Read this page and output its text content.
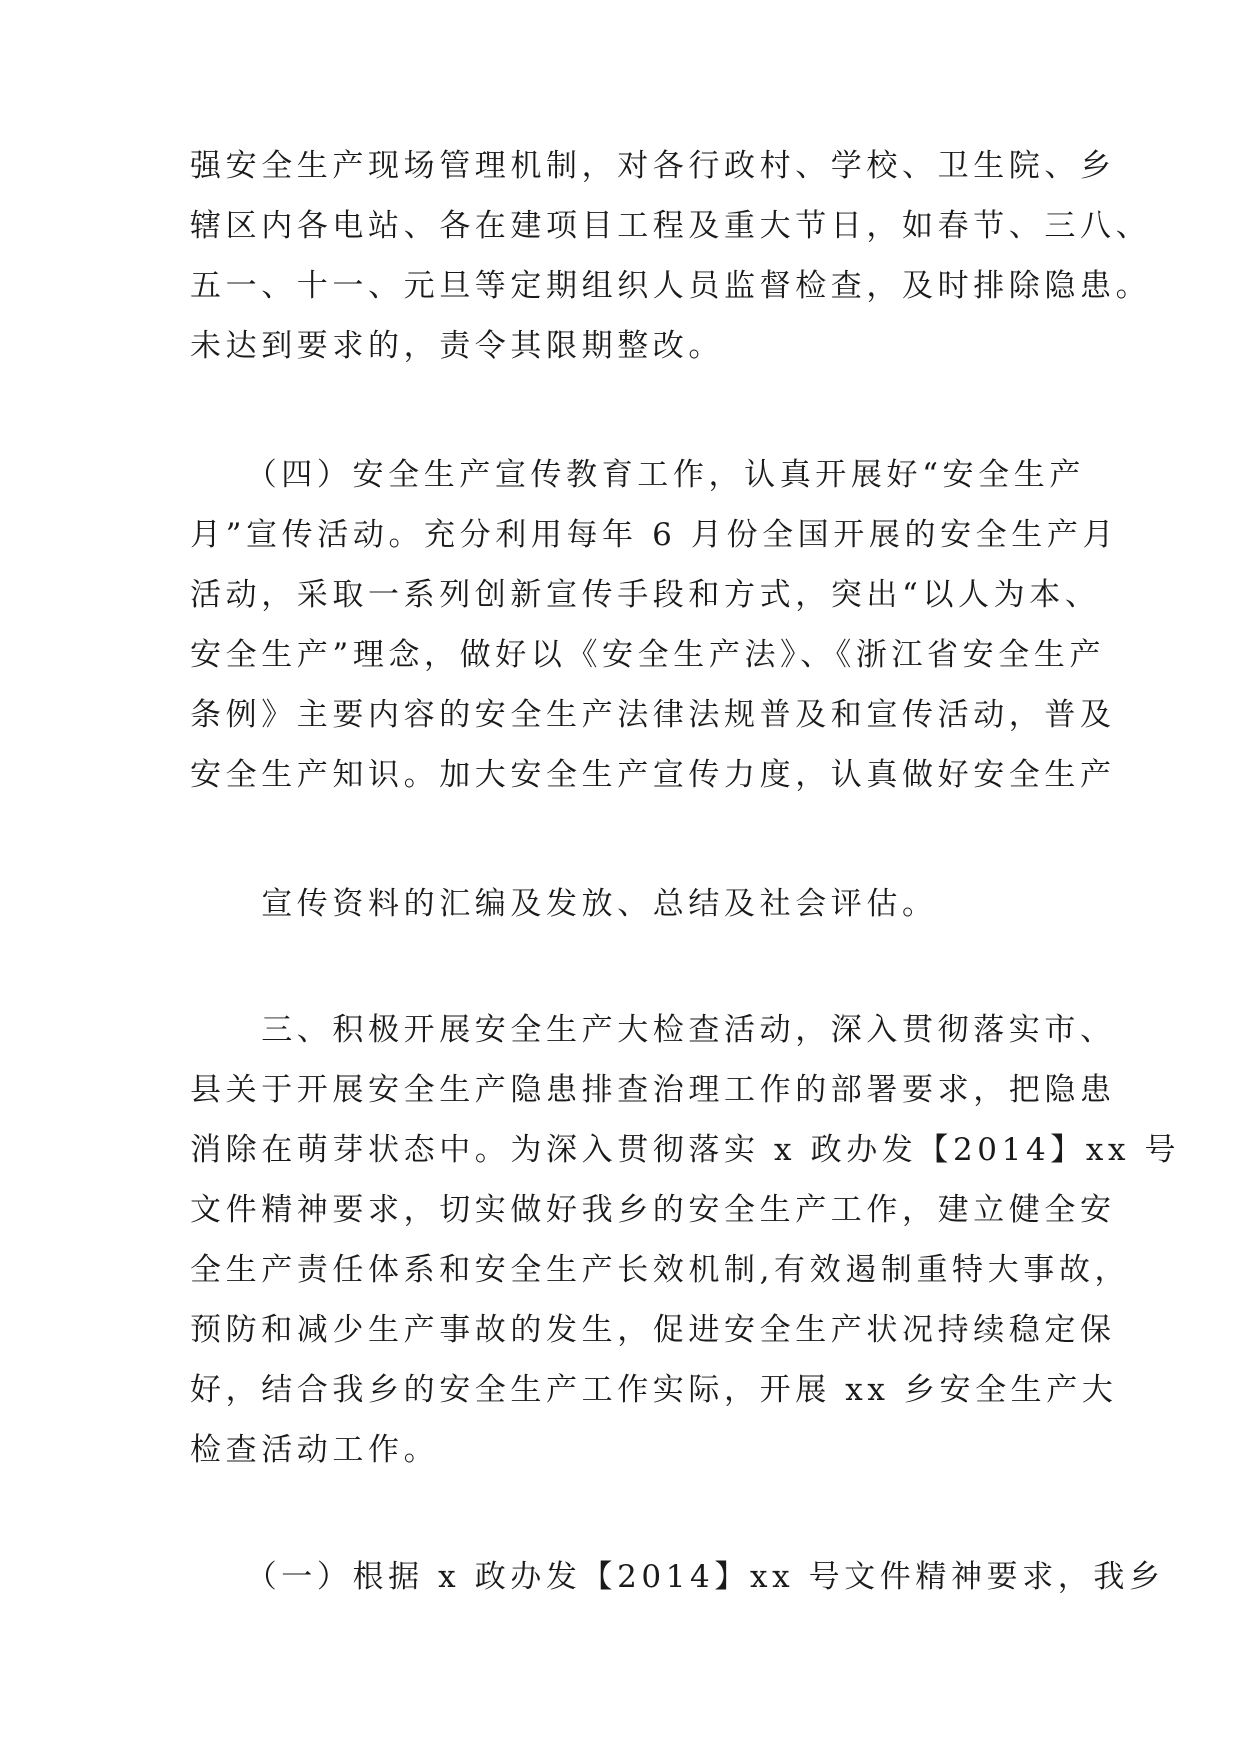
强安全生产现场管理机制，对各行政村、学校、卫生院、乡
辖区内各电站、各在建项目工程及重大节日，如春节、三八、
五一、十一、元旦等定期组织人员监督检查，及时排除隐患。
未达到要求的，责令其限期整改。
　　（四）安全生产宣传教育工作，认真开展好“安全生产
月”宣传活动。充分利用每年 6 月份全国开展的安全生产月
活动，采取一系列创新宣传手段和方式，突出“以人为本、
安全生产”理念，做好以《安全生产法》、《浙江省安全生产
条例》主要内容的安全生产法律法规普及和宣传活动，普及
安全生产知识。加大安全生产宣传力度，认真做好安全生产
　　宣传资料的汇编及发放、总结及社会评估。
　　三、积极开展安全生产大检查活动，深入贯彻落实市、
县关于开展安全生产隐患排查治理工作的部署要求，把隐患
消除在萌芽状态中。为深入贯彻落实 x 政办发【2014】xx 号
文件精神要求，切实做好我乡的安全生产工作，建立健全安
全生产责任体系和安全生产长效机制,有效遏制重特大事故，
预防和减少生产事故的发生，促进安全生产状况持续稳定保
好，结合我乡的安全生产工作实际，开展 xx 乡安全生产大
检查活动工作。
　　（一）根据 x 政办发【2014】xx 号文件精神要求，我乡
